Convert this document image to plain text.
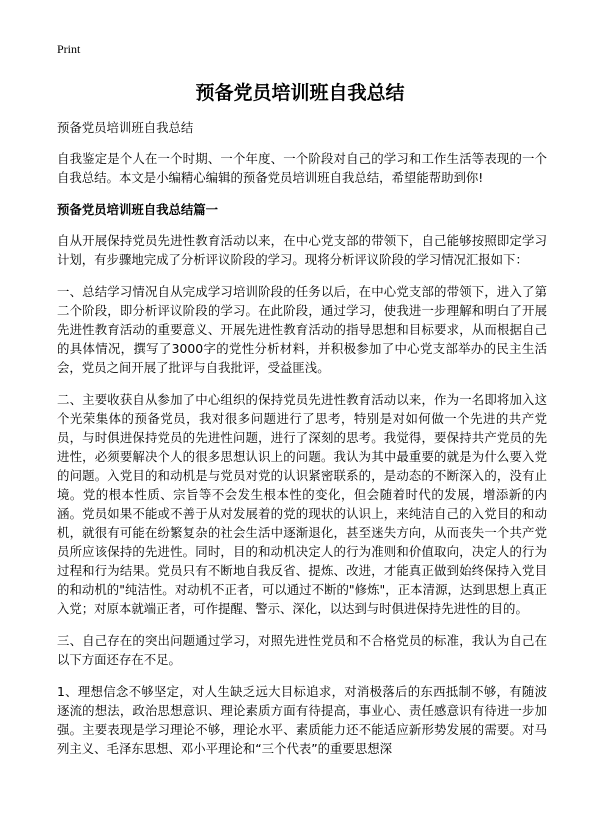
Print
预备党员培训班自我总结

预备党员培训班自我总结

自我鉴定是个人在一个时期、一个年度、一个阶段对自己的学习和工作生活等表现的一个自我总结。本文是小编精心编辑的预备党员培训班自我总结，希望能帮助到你!

预备党员培训班自我总结篇一

自从开展保持党员先进性教育活动以来，在中心党支部的带领下，自己能够按照即定学习计划，有步骤地完成了分析评议阶段的学习。现将分析评议阶段的学习情况汇报如下：

一、总结学习情况自从完成学习培训阶段的任务以后，在中心党支部的带领下，进入了第二个阶段，即分析评议阶段的学习。在此阶段，通过学习，使我进一步理解和明白了开展先进性教育活动的重要意义、开展先进性教育活动的指导思想和目标要求，从而根据自己的具体情况，撰写了3000字的党性分析材料，并积极参加了中心党支部举办的民主生活会，党员之间开展了批评与自我批评，受益匪浅。

二、主要收获自从参加了中心组织的保持党员先进性教育活动以来，作为一名即将加入这个光荣集体的预备党员，我对很多问题进行了思考，特别是对如何做一个先进的共产党员，与时俱进保持党员的先进性问题，进行了深刻的思考。我觉得，要保持共产党员的先进性，必须要解决个人的很多思想认识上的问题。我认为其中最重要的就是为什么要入党的问题。入党目的和动机是与党员对党的认识紧密联系的，是动态的不断深入的，没有止境。党的根本性质、宗旨等不会发生根本性的变化，但会随着时代的发展，增添新的内涵。党员如果不能或不善于从对发展着的党的现状的认识上，来纯洁自己的入党目的和动机，就很有可能在纷繁复杂的社会生活中逐渐退化，甚至迷失方向，从而丧失一个共产党员所应该保持的先进性。同时，目的和动机决定人的行为准则和价值取向，决定人的行为过程和行为结果。党员只有不断地自我反省、提炼、改进，才能真正做到始终保持入党目的和动机的"纯洁性。对动机不正者，可以通过不断的"修炼"，正本清源，达到思想上真正入党；对原本就端正者，可作提醒、警示、深化，以达到与时俱进保持先进性的目的。

三、自己存在的突出问题通过学习，对照先进性党员和不合格党员的标准，我认为自己在以下方面还存在不足。

1、理想信念不够坚定，对人生缺乏远大目标追求，对消极落后的东西抵制不够，有随波逐流的想法，政治思想意识、理论素质方面有待提高，事业心、责任感意识有待进一步加强。主要表现是学习理论不够，理论水平、素质能力还不能适应新形势发展的需要。对马列主义、毛泽东思想、邓小平理论和“三个代表”的重要思想深
